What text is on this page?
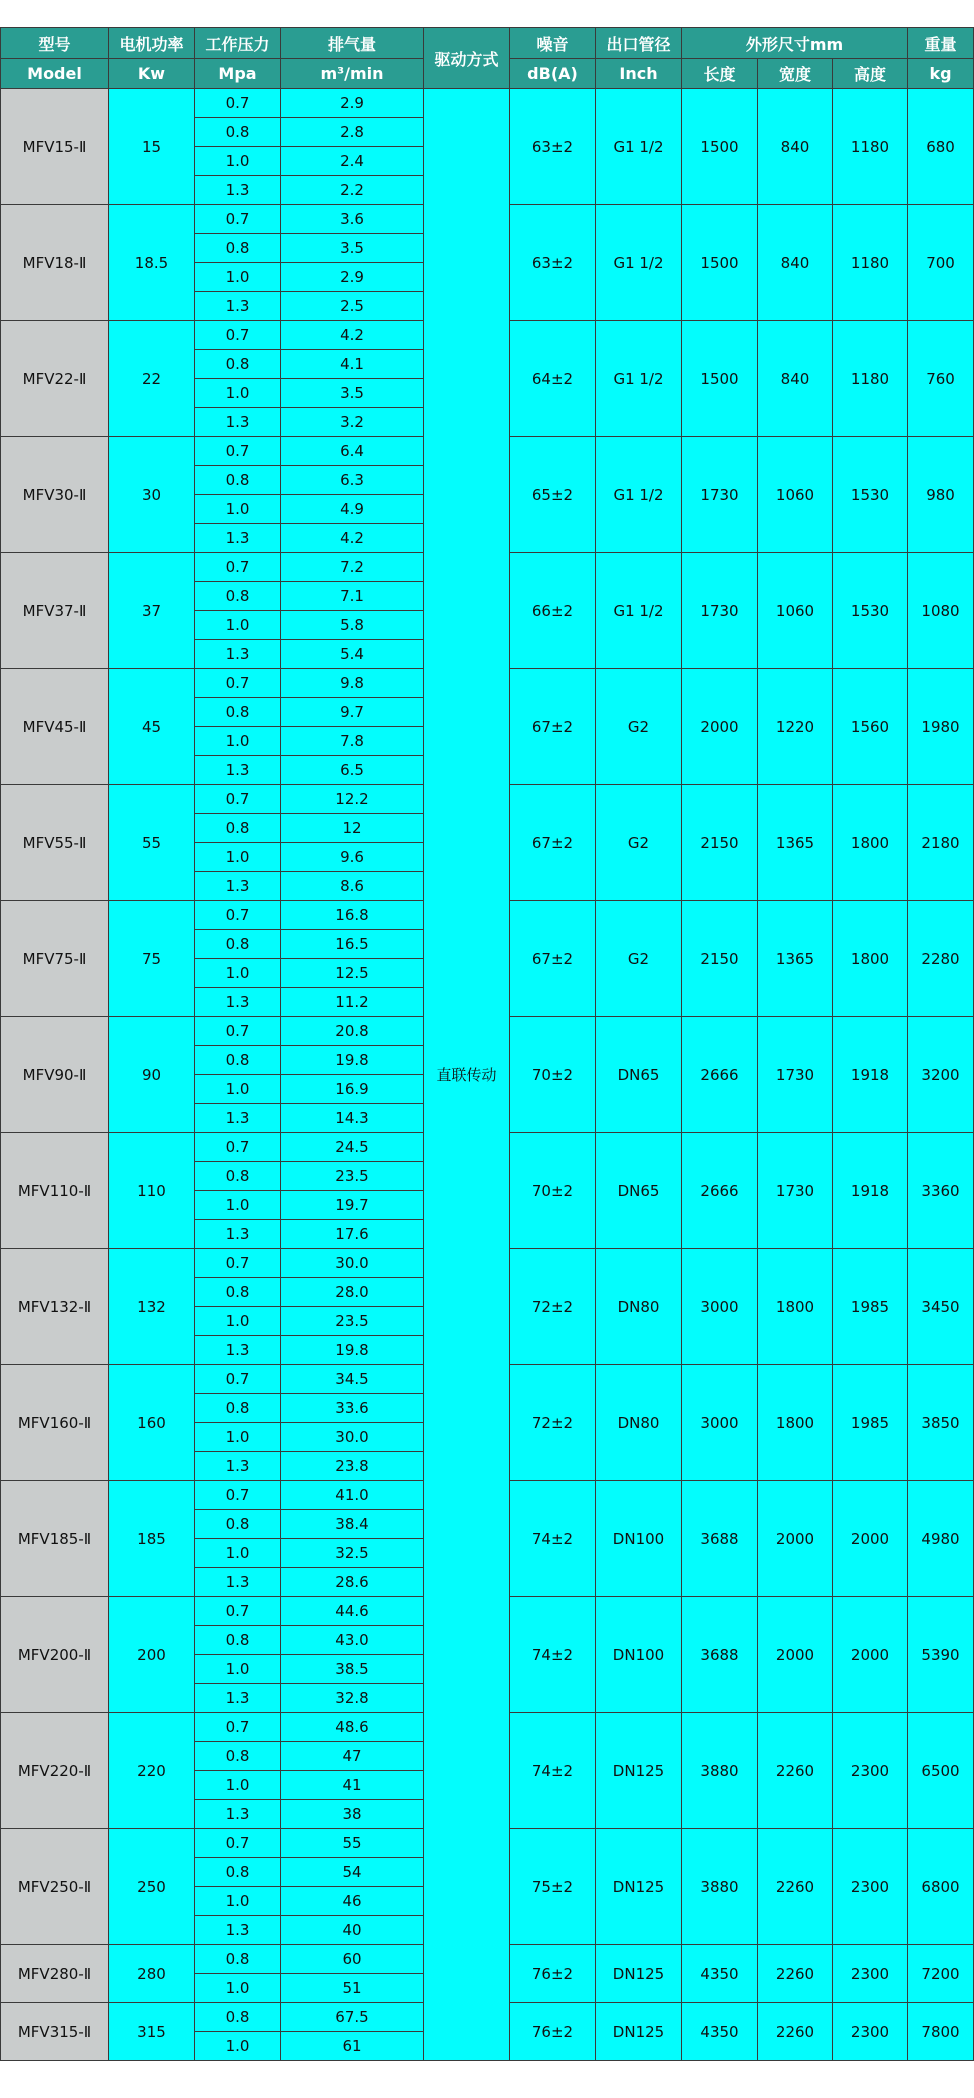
型号	电机功率	工作压力	排气量	驱动方式	噪音	出口管径	外形尺寸mm			重量
Model	Kw	Mpa	m³/min		dB(A)	Inch	长度	宽度	高度	kg
MFV15-Ⅱ	15	0.7	2.9	直联传动	63±2	G1 1/2	1500	840	1180	680
		0.8	2.8							
		1.0	2.4							
		1.3	2.2							
MFV18-Ⅱ	18.5	0.7	3.6		63±2	G1 1/2	1500	840	1180	700
		0.8	3.5							
		1.0	2.9							
		1.3	2.5							
MFV22-Ⅱ	22	0.7	4.2		64±2	G1 1/2	1500	840	1180	760
		0.8	4.1							
		1.0	3.5							
		1.3	3.2							
MFV30-Ⅱ	30	0.7	6.4		65±2	G1 1/2	1730	1060	1530	980
		0.8	6.3							
		1.0	4.9							
		1.3	4.2							
MFV37-Ⅱ	37	0.7	7.2		66±2	G1 1/2	1730	1060	1530	1080
		0.8	7.1							
		1.0	5.8							
		1.3	5.4							
MFV45-Ⅱ	45	0.7	9.8		67±2	G2	2000	1220	1560	1980
		0.8	9.7							
		1.0	7.8							
		1.3	6.5							
MFV55-Ⅱ	55	0.7	12.2		67±2	G2	2150	1365	1800	2180
		0.8	12							
		1.0	9.6							
		1.3	8.6							
MFV75-Ⅱ	75	0.7	16.8		67±2	G2	2150	1365	1800	2280
		0.8	16.5							
		1.0	12.5							
		1.3	11.2							
MFV90-Ⅱ	90	0.7	20.8		70±2	DN65	2666	1730	1918	3200
		0.8	19.8							
		1.0	16.9							
		1.3	14.3							
MFV110-Ⅱ	110	0.7	24.5		70±2	DN65	2666	1730	1918	3360
		0.8	23.5							
		1.0	19.7							
		1.3	17.6							
MFV132-Ⅱ	132	0.7	30.0		72±2	DN80	3000	1800	1985	3450
		0.8	28.0							
		1.0	23.5							
		1.3	19.8							
MFV160-Ⅱ	160	0.7	34.5		72±2	DN80	3000	1800	1985	3850
		0.8	33.6							
		1.0	30.0							
		1.3	23.8							
MFV185-Ⅱ	185	0.7	41.0		74±2	DN100	3688	2000	2000	4980
		0.8	38.4							
		1.0	32.5							
		1.3	28.6							
MFV200-Ⅱ	200	0.7	44.6		74±2	DN100	3688	2000	2000	5390
		0.8	43.0							
		1.0	38.5							
		1.3	32.8							
MFV220-Ⅱ	220	0.7	48.6		74±2	DN125	3880	2260	2300	6500
		0.8	47							
		1.0	41							
		1.3	38							
MFV250-Ⅱ	250	0.7	55		75±2	DN125	3880	2260	2300	6800
		0.8	54							
		1.0	46							
		1.3	40							
MFV280-Ⅱ	280	0.8	60		76±2	DN125	4350	2260	2300	7200
		1.0	51							
MFV315-Ⅱ	315	0.8	67.5		76±2	DN125	4350	2260	2300	7800
		1.0	61							
